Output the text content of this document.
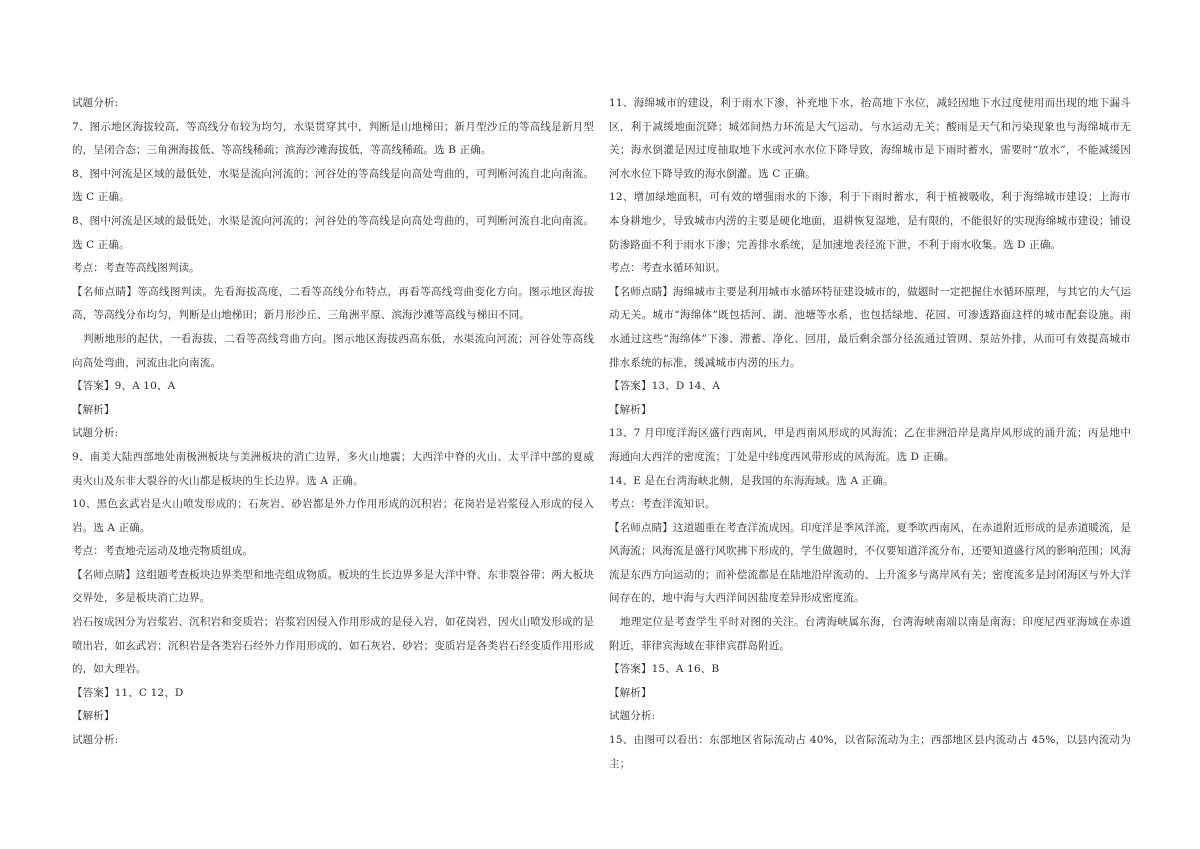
试题分析:

7、图示地区海拔较高，等高线分布较为均匀，水渠贯穿其中，判断是山地梯田；新月型沙丘的等高线是新月型的，呈闭合态；三角洲海拔低、等高线稀疏；滨海沙滩海拔低，等高线稀疏。选 B 正确。

8、图中河流是区域的最低处，水渠是流向河流的；河谷处的等高线是向高处弯曲的，可判断河流自北向南流。选 C 正确。

8、图中河流是区域的最低处，水渠是流向河流的；河谷处的等高线是向高处弯曲的，可判断河流自北向南流。选 C 正确。

考点：考查等高线图判读。

【名师点睛】等高线图判读。先看海拔高度，二看等高线分布特点，再看等高线弯曲变化方向。图示地区海拔高，等高线分布均匀，判断是山地梯田；新月形沙丘、三角洲平原、滨海沙滩等高线与梯田不同。

判断地形的起伏，一看海拔，二看等高线弯曲方向。图示地区海拔西高东低，水渠流向河流；河谷处等高线向高处弯曲，河流由北向南流。

【答案】9、A 10、A

【解析】

试题分析:

9、南美大陆西部地处南极洲板块与美洲板块的消亡边界，多火山地震；大西洋中脊的火山、太平洋中部的夏威夷火山及东非大裂谷的火山都是板块的生长边界。选 A 正确。

10、黑色玄武岩是火山喷发形成的；石灰岩、砂岩都是外力作用形成的沉积岩；花岗岩是岩浆侵入形成的侵入岩。选 A 正确。

考点：考查地壳运动及地壳物质组成。

【名师点睛】这组题考查板块边界类型和地壳组成物质。板块的生长边界多是大洋中脊、东非裂谷带；两大板块交界处，多是板块消亡边界。

岩石按成因分为岩浆岩、沉积岩和变质岩；岩浆岩因侵入作用形成的是侵入岩，如花岗岩，因火山喷发形成的是喷出岩，如玄武岩；沉积岩是各类岩石经外力作用形成的，如石灰岩、砂岩；变质岩是各类岩石经变质作用形成的，如大理岩。

【答案】11、C 12、D

【解析】

试题分析:

11、海绵城市的建设，利于雨水下渗，补充地下水，抬高地下水位，减轻因地下水过度使用而出现的地下漏斗区，利于减缓地面沉降；城郊间热力环流是大气运动，与水运动无关；酸雨是天气和污染现象也与海绵城市无关；海水倒灌是因过度抽取地下水或河水水位下降导致，海绵城市是下雨时蓄水，需要时“放水”，不能减缓因河水水位下降导致的海水倒灌。选 C 正确。

12、增加绿地面积，可有效的增强雨水的下渗，利于下雨时蓄水，利于植被吸收，利于海绵城市建设；上海市本身耕地少，导致城市内涝的主要是硬化地面，退耕恢复湿地，是有限的，不能很好的实现海绵城市建设；铺设防渗路面不利于雨水下渗；完善排水系统，是加速地表径流下泄，不利于雨水收集。选 D 正确。

考点：考查水循环知识。

【名师点睛】海绵城市主要是利用城市水循环特征建设城市的，做题时一定把握住水循环原理，与其它的大气运动无关。城市“海绵体”既包括河、湖、池塘等水系，也包括绿地、花园、可渗透路面这样的城市配套设施。雨水通过这些“海绵体”下渗、滞蓄、净化、回用，最后剩余部分径流通过管网、泵站外排，从而可有效提高城市排水系统的标准，缓减城市内涝的压力。

【答案】13、D 14、A

【解析】

13、7 月印度洋海区盛行西南风，甲是西南风形成的风海流；乙在非洲沿岸是离岸风形成的涌升流；丙是地中海通向大西洋的密度流；丁处是中纬度西风带形成的风海流。选 D 正确。

14、E 是在台湾海峡北侧，是我国的东海海域。选 A 正确。

考点：考查洋流知识。

【名师点睛】这道题重在考查洋流成因。印度洋是季风洋流，夏季吹西南风，在赤道附近形成的是赤道暖流，是风海流；风海流是盛行风吹拂下形成的，学生做题时，不仅要知道洋流分布，还要知道盛行风的影响范围；风海流是东西方向运动的；而补偿流都是在陆地沿岸流动的、上升流多与离岸风有关；密度流多是封闭海区与外大洋间存在的，地中海与大西洋间因盐度差异形成密度流。

地理定位是考查学生平时对图的关注。台湾海峡属东海，台湾海峡南端以南是南海；印度尼西亚海域在赤道附近，菲律宾海域在菲律宾群岛附近。

【答案】15、A 16、B

【解析】

试题分析:

15、由图可以看出：东部地区省际流动占 40%，以省际流动为主；西部地区县内流动占 45%，以县内流动为主；
